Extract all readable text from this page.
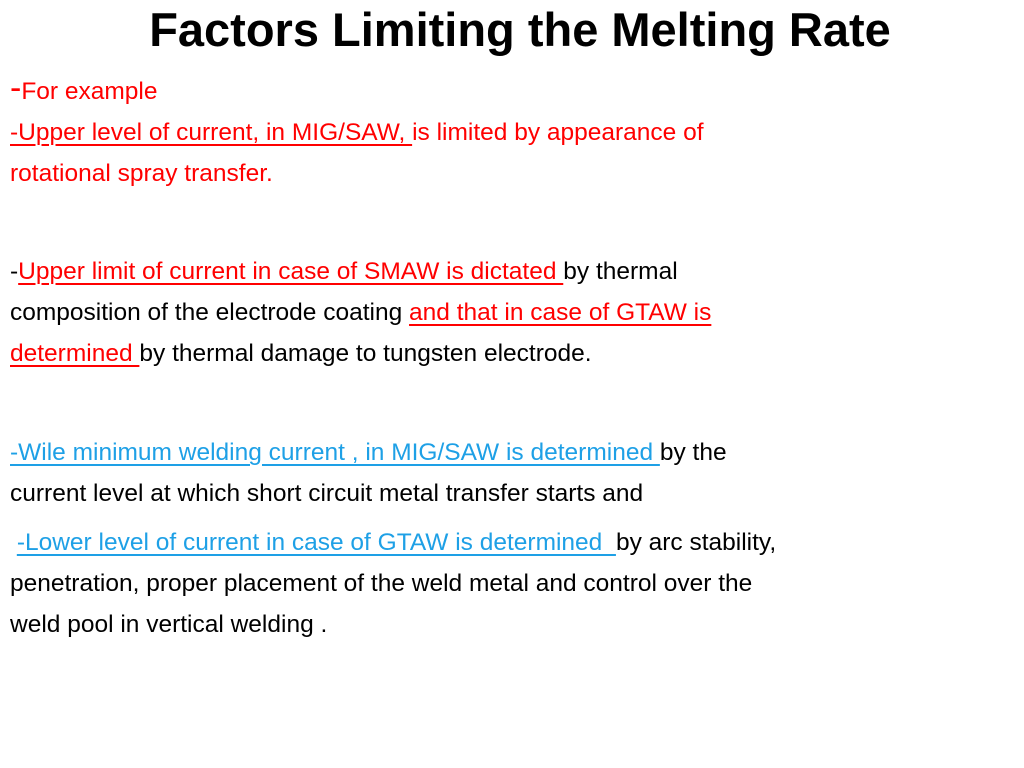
Factors Limiting the Melting Rate

-For example

-Upper level of current, in MIG/SAW, is limited by appearance of

rotational spray transfer.

-Upper limit of current in case of SMAW is dictated by thermal

composition of the electrode coating and that in case of GTAW is

determined by thermal damage to tungsten electrode.

-Wile minimum welding current , in MIG/SAW is determined by the

current level at which short circuit metal transfer starts and

-Lower level of current in case of GTAW is determined  by arc stability,

penetration, proper placement of the weld metal and control over the

weld pool in vertical welding .
